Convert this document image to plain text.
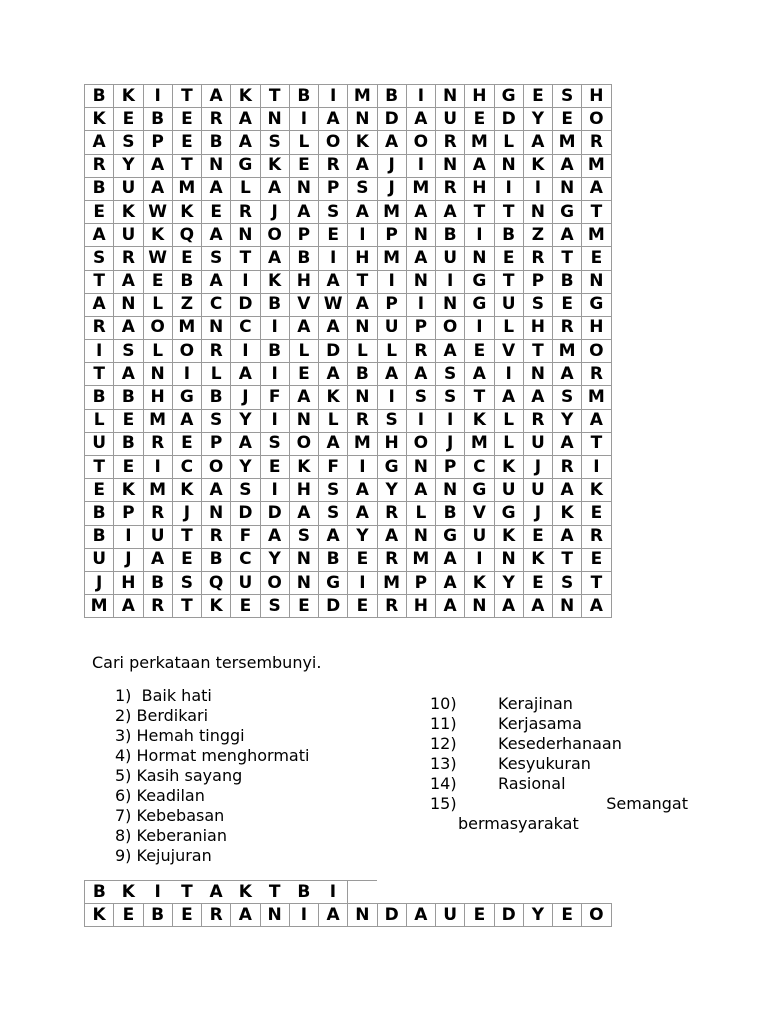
B	K	I	T	A	K	T	B	I	M	B	I	N	H	G	E	S	H
K	E	B	E	R	A	N	I	A	N	D	A	U	E	D	Y	E	O
A	S	P	E	B	A	S	L	O	K	A	O	R	M	L	A	M	R
R	Y	A	T	N	G	K	E	R	A	J	I	N	A	N	K	A	M
B	U	A	M	A	L	A	N	P	S	J	M	R	H	I	I	N	A
E	K	W	K	E	R	J	A	S	A	M	A	A	T	T	N	G	T
A	U	K	Q	A	N	O	P	E	I	P	N	B	I	B	Z	A	M
S	R	W	E	S	T	A	B	I	H	M	A	U	N	E	R	T	E
T	A	E	B	A	I	K	H	A	T	I	N	I	G	T	P	B	N
A	N	L	Z	C	D	B	V	W	A	P	I	N	G	U	S	E	G
R	A	O	M	N	C	I	A	A	N	U	P	O	I	L	H	R	H
I	S	L	O	R	I	B	L	D	L	L	R	A	E	V	T	M	O
T	A	N	I	L	A	I	E	A	B	A	A	S	A	I	N	A	R
B	B	H	G	B	J	F	A	K	N	I	S	S	T	A	A	S	M
L	E	M	A	S	Y	I	N	L	R	S	I	I	K	L	R	Y	A
U	B	R	E	P	A	S	O	A	M	H	O	J	M	L	U	A	T
T	E	I	C	O	Y	E	K	F	I	G	N	P	C	K	J	R	I
E	K	M	K	A	S	I	H	S	A	Y	A	N	G	U	U	A	K
B	P	R	J	N	D	D	A	S	A	R	L	B	V	G	J	K	E
B	I	U	T	R	F	A	S	A	Y	A	N	G	U	K	E	A	R
U	J	A	E	B	C	Y	N	B	E	R	M	A	I	N	K	T	E
J	H	B	S	Q	U	O	N	G	I	M	P	A	K	Y	E	S	T
M	A	R	T	K	E	S	E	D	E	R	H	A	N	A	A	N	A
Cari perkataan tersembunyi.
1)  Baik hati
2) Berdikari
3) Hemah tinggi
4) Hormat menghormati
5) Kasih sayang
6) Keadilan
7) Kebebasan
8) Keberanian
9) Kejujuran
10)	Kerajinan
11)	Kerjasama
12)	Kesederhanaan
13)	Kesyukuran
14)	Rasional
15)	Semangat
bermasyarakat
B	K	I	T	A	K	T	B	I									
K	E	B	E	R	A	N	I	A	N	D	A	U	E	D	Y	E	O
